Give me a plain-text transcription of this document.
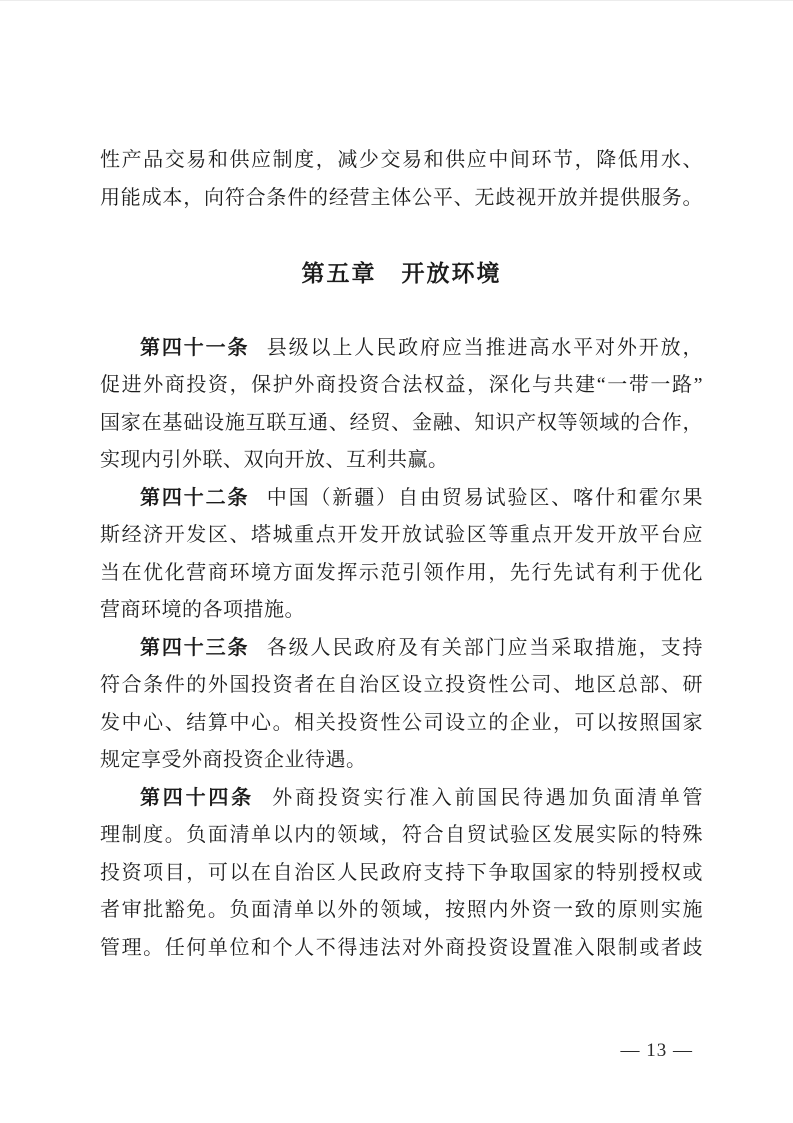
性产品交易和供应制度，减少交易和供应中间环节，降低用水、
用能成本，向符合条件的经营主体公平、无歧视开放并提供服务。
第五章　开放环境
第四十一条 县级以上人民政府应当推进高水平对外开放，
促进外商投资，保护外商投资合法权益，深化与共建“一带一路”
国家在基础设施互联互通、经贸、金融、知识产权等领域的合作，
实现内引外联、双向开放、互利共赢。
第四十二条 中国（新疆）自由贸易试验区、喀什和霍尔果
斯经济开发区、塔城重点开发开放试验区等重点开发开放平台应
当在优化营商环境方面发挥示范引领作用，先行先试有利于优化
营商环境的各项措施。
第四十三条 各级人民政府及有关部门应当采取措施，支持
符合条件的外国投资者在自治区设立投资性公司、地区总部、研
发中心、结算中心。相关投资性公司设立的企业，可以按照国家
规定享受外商投资企业待遇。
第四十四条 外商投资实行准入前国民待遇加负面清单管
理制度。负面清单以内的领域，符合自贸试验区发展实际的特殊
投资项目，可以在自治区人民政府支持下争取国家的特别授权或
者审批豁免。负面清单以外的领域，按照内外资一致的原则实施
管理。任何单位和个人不得违法对外商投资设置准入限制或者歧
— 13 —
